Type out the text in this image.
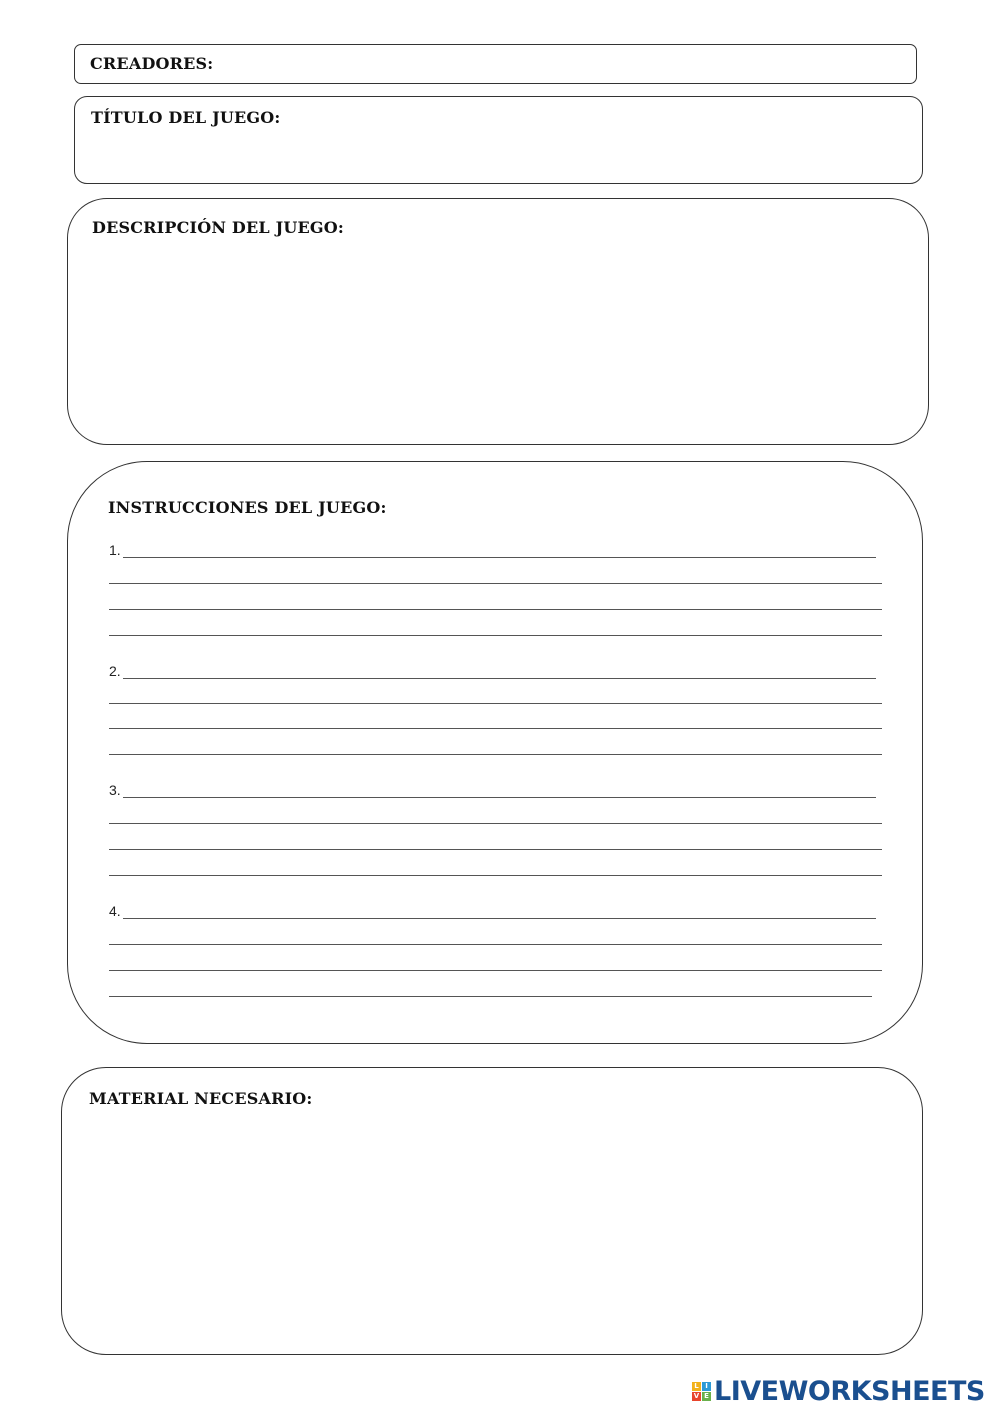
CREADORES:
TÍTULO DEL JUEGO:
DESCRIPCIÓN DEL JUEGO:
INSTRUCCIONES DEL JUEGO:
1.
2.
3.
4.
MATERIAL NECESARIO:
L I
V E LIVEWORKSHEETS
